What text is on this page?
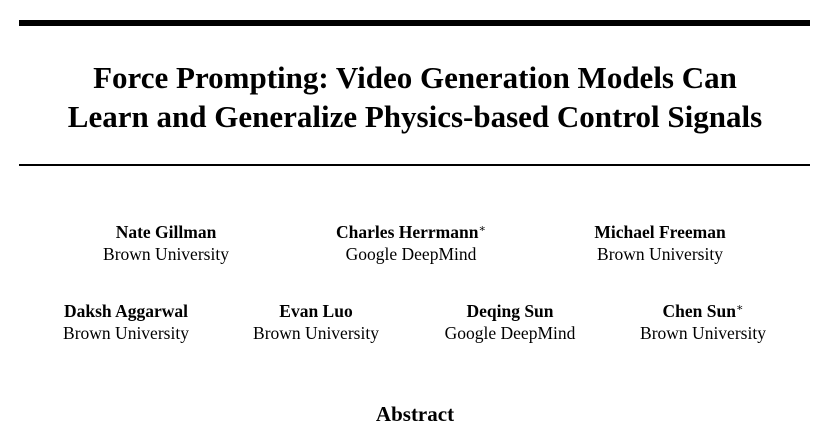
Force Prompting: Video Generation Models Can
Learn and Generalize Physics-based Control Signals
Nate Gillman
Brown University
Charles Herrmann∗
Google DeepMind
Michael Freeman
Brown University
Daksh Aggarwal
Brown University
Evan Luo
Brown University
Deqing Sun
Google DeepMind
Chen Sun∗
Brown University
Abstract
